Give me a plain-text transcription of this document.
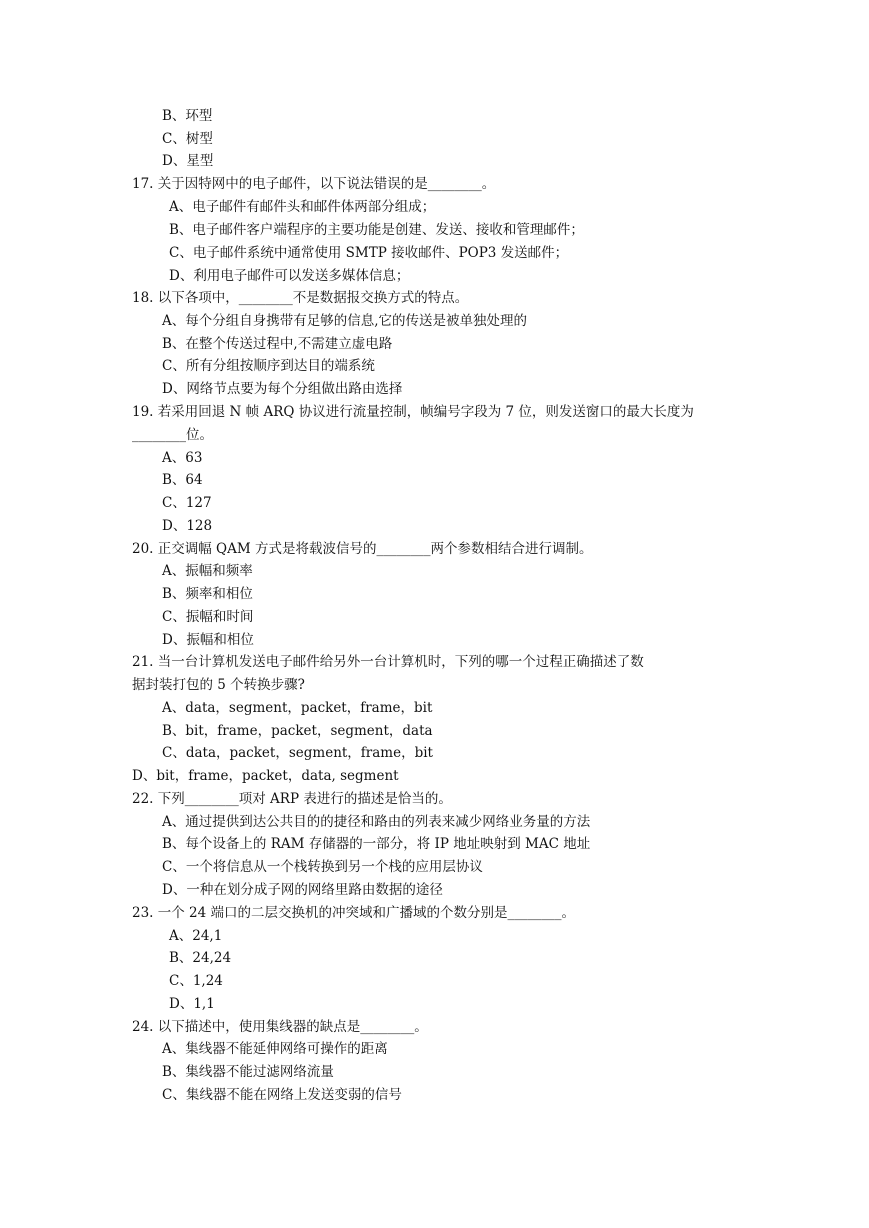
B、环型
C、树型
D、星型
17. 关于因特网中的电子邮件，以下说法错误的是________。
A、电子邮件有邮件头和邮件体两部分组成；
B、电子邮件客户端程序的主要功能是创建、发送、接收和管理邮件；
C、电子邮件系统中通常使用 SMTP 接收邮件、POP3 发送邮件；
D、利用电子邮件可以发送多媒体信息；
18. 以下各项中，________不是数据报交换方式的特点。
A、每个分组自身携带有足够的信息,它的传送是被单独处理的
B、在整个传送过程中,不需建立虚电路
C、所有分组按顺序到达目的端系统
D、网络节点要为每个分组做出路由选择
19. 若采用回退 N 帧 ARQ 协议进行流量控制，帧编号字段为 7 位，则发送窗口的最大长度为
________位。
A、63
B、64
C、127
D、128
20. 正交调幅 QAM 方式是将载波信号的________两个参数相结合进行调制。
A、振幅和频率
B、频率和相位
C、振幅和时间
D、振幅和相位
21. 当一台计算机发送电子邮件给另外一台计算机时，下列的哪一个过程正确描述了数
据封装打包的 5 个转换步骤?
A、data，segment，packet，frame，bit
B、bit，frame，packet，segment，data
C、data，packet，segment，frame，bit
D、bit，frame，packet，data, segment
22. 下列________项对 ARP 表进行的描述是恰当的。
A、通过提供到达公共目的的捷径和路由的列表来减少网络业务量的方法
B、每个设备上的 RAM 存储器的一部分，将 IP 地址映射到 MAC 地址
C、一个将信息从一个栈转换到另一个栈的应用层协议
D、一种在划分成子网的网络里路由数据的途径
23. 一个 24 端口的二层交换机的冲突域和广播域的个数分别是________。
A、24,1
B、24,24
C、1,24
D、1,1
24. 以下描述中，使用集线器的缺点是________。
A、集线器不能延伸网络可操作的距离
B、集线器不能过滤网络流量
C、集线器不能在网络上发送变弱的信号
